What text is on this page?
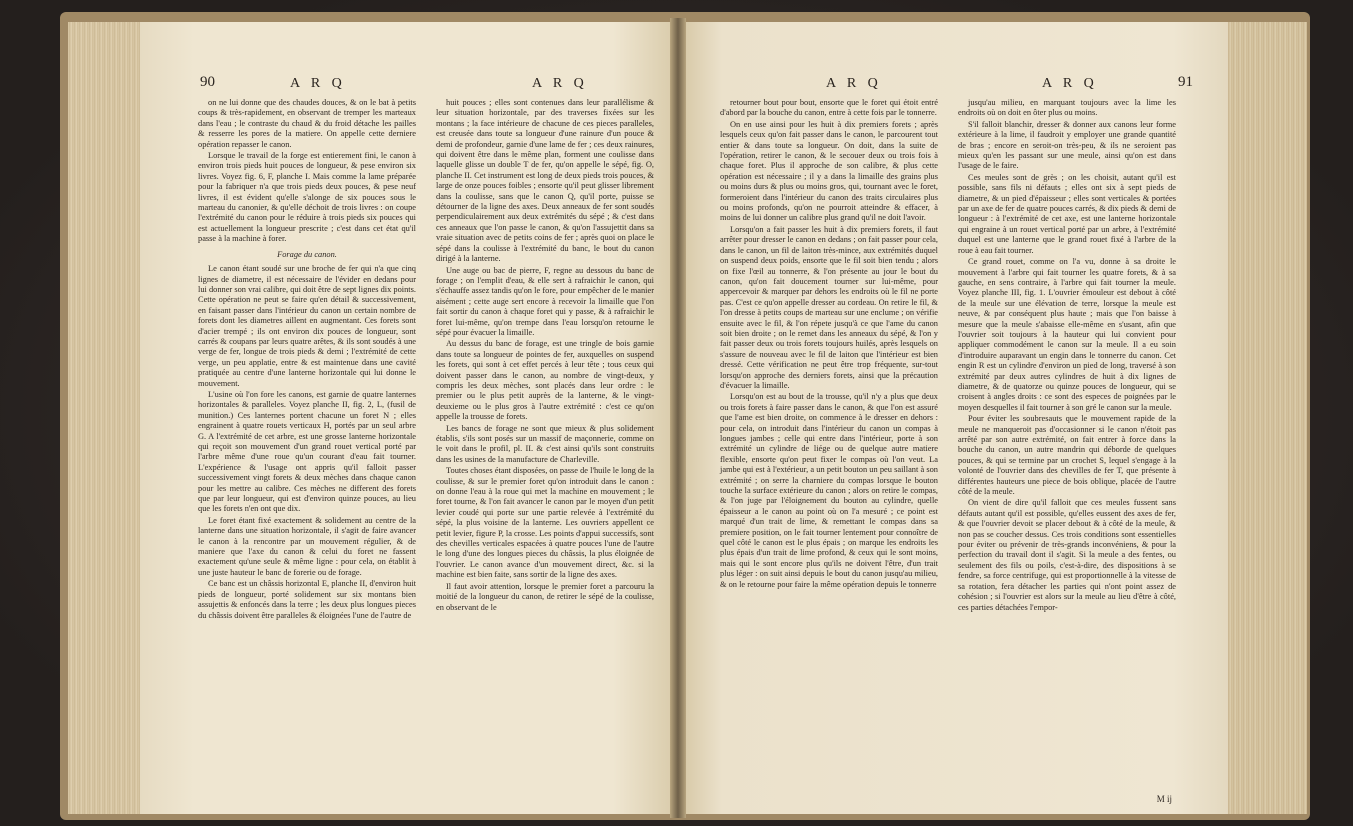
90	A R Q	A R Q

on ne lui donne que des chaudes douces, & on le bat à petits coups & très-rapidement, en observant de tremper les marteaux dans l'eau ; le contraste du chaud & du froid détache les pailles & resserre les pores de la matiere. On appelle cette derniere opération repasser le canon.

Lorsque le travail de la forge est entierement fini, le canon à environ trois pieds huit pouces de longueur, & pese environ six livres. Voyez fig. 6, F, planche I. Mais comme la lame préparée pour la fabriquer n'a que trois pieds deux pouces, & pese neuf livres, il est évident qu'elle s'alonge de six pouces sous le marteau du canonier, & qu'elle déchoit de trois livres : on coupe l'extrémité du canon pour le réduire à trois pieds six pouces qui est actuellement la longueur prescrite ; c'est dans cet état qu'il passe à la machine à forer.

Forage du canon.

Le canon étant soudé sur une broche de fer qui n'a que cinq lignes de diametre, il est nécessaire de l'évider en dedans pour lui donner son vrai calibre, qui doit être de sept lignes dix points. Cette opération ne peut se faire qu'en détail & successivement, en faisant passer dans l'intérieur du canon un certain nombre de forets dont les diametres aillent en augmentant. Ces forets sont d'acier trempé ; ils ont environ dix pouces de longueur, sont carrés & coupans par leurs quatre arêtes, & ils sont soudés à une verge de fer, longue de trois pieds & demi ; l'extrémité de cette verge, un peu applatie, entre & est maintenue dans une cavité pratiquée au centre d'une lanterne horizontale qui lui donne le mouvement.

L'usine où l'on fore les canons, est garnie de quatre lanternes horizontales & paralleles. Voyez planche II, fig. 2, L, (fusil de munition.) Ces lanternes portent chacune un foret N ; elles engrainent à quatre rouets verticaux H, portés par un seul arbre G. A l'extrémité de cet arbre, est une grosse lanterne horizontale qui reçoit son mouvement d'un grand rouet vertical porté par l'arbre même d'une roue qu'un courant d'eau fait tourner. L'expérience & l'usage ont appris qu'il falloit passer successivement vingt forets & deux mèches dans chaque canon pour les mettre au calibre. Ces mèches ne different des forets que par leur longueur, qui est d'environ quinze pouces, au lieu que les forets n'en ont que dix.

Le foret étant fixé exactement & solidement au centre de la lanterne dans une situation horizontale, il s'agit de faire avancer le canon à la rencontre par un mouvement régulier, & de maniere que l'axe du canon & celui du foret ne fassent exactement qu'une seule & même ligne : pour cela, on établit à une juste hauteur le banc de forerie ou de forage.

Ce banc est un châssis horizontal E, planche II, d'environ huit pieds de longueur, porté solidement sur six montans bien assujettis & enfoncés dans la terre ; les deux plus longues pieces du châssis doivent être paralleles & éloignées l'une de l'autre de

huit pouces ; elles sont contenues dans leur parallélisme & leur situation horizontale, par des traverses fixées sur les montans ; la face intérieure de chacune de ces pieces paralleles, est creusée dans toute sa longueur d'une rainure d'un pouce & demi de profondeur, garnie d'une lame de fer ; ces deux rainures, qui doivent être dans le même plan, forment une coulisse dans laquelle glisse un double T de fer, qu'on appelle le sépé, fig. O, planche II. Cet instrument est long de deux pieds trois pouces, & large de onze pouces foibles ; ensorte qu'il peut glisser librement dans la coulisse, sans que le canon Q, qu'il porte, puisse se détourner de la ligne des axes. Deux anneaux de fer sont soudés perpendiculairement aux deux extrémités du sépé ; & c'est dans ces anneaux que l'on passe le canon, & qu'on l'assujettit dans sa vraie situation avec de petits coins de fer ; après quoi on place le sépé dans la coulisse à l'extrémité du banc, le bout du canon dirigé à la lanterne.

Une auge ou bac de pierre, F, regne au dessous du banc de forage ; on l'emplit d'eau, & elle sert à rafraichir le canon, qui s'échauffe assez tandis qu'on le fore, pour empêcher de le manier aisément ; cette auge sert encore à recevoir la limaille que l'on fait sortir du canon à chaque foret qui y passe, & à rafraichir le foret lui-même, qu'on trempe dans l'eau lorsqu'on retourne le sépé pour évacuer la limaille.

Au dessus du banc de forage, est une tringle de bois garnie dans toute sa longueur de pointes de fer, auxquelles on suspend les forets, qui sont à cet effet percés à leur tête ; tous ceux qui doivent passer dans le canon, au nombre de vingt-deux, y compris les deux mèches, sont placés dans leur ordre : le premier ou le plus petit auprès de la lanterne, & le vingt-deuxieme ou le plus gros à l'autre extrémité : c'est ce qu'on appelle la trousse de forets.

Les bancs de forage ne sont que mieux & plus solidement établis, s'ils sont posés sur un massif de maçonnerie, comme on le voit dans le profil, pl. II. & c'est ainsi qu'ils sont construits dans les usines de la manufacture de Charleville.

Toutes choses étant disposées, on passe de l'huile le long de la coulisse, & sur le premier foret qu'on introduit dans le canon : on donne l'eau à la roue qui met la machine en mouvement ; le foret tourne, & l'on fait avancer le canon par le moyen d'un petit levier coudé qui porte sur une partie relevée à l'extrémité du sépé, la plus voisine de la lanterne. Les ouvriers appellent ce petit levier, figure P, la crosse. Les points d'appui successifs, sont des chevilles verticales espacées à quatre pouces l'une de l'autre le long d'une des longues pieces du châssis, la plus éloignée de l'ouvrier. Le canon avance d'un mouvement direct, &c. si la machine est bien faite, sans sortir de la ligne des axes.

Il faut avoir attention, lorsque le premier foret a parcouru la moitié de la longueur du canon, de retirer le sépé de la coulisse, en observant de le

A R Q	A R Q	91

retourner bout pour bout, ensorte que le foret qui étoit entré d'abord par la bouche du canon, entre à cette fois par le tonnerre.

On en use ainsi pour les huit à dix premiers forets ; après lesquels ceux qu'on fait passer dans le canon, le parcourent tout entier & dans toute sa longueur. On doit, dans la suite de l'opération, retirer le canon, & le secouer deux ou trois fois à chaque foret. Plus il approche de son calibre, & plus cette opération est nécessaire ; il y a dans la limaille des grains plus ou moins durs & plus ou moins gros, qui, tournant avec le foret, formeroient dans l'intérieur du canon des traits circulaires plus ou moins profonds, qu'on ne pourroit atteindre & effacer, à moins de lui donner un calibre plus grand qu'il ne doit l'avoir.

Lorsqu'on a fait passer les huit à dix premiers forets, il faut arrêter pour dresser le canon en dedans ; on fait passer pour cela, dans le canon, un fil de laiton très-mince, aux extrémités duquel on suspend deux poids, ensorte que le fil soit bien tendu ; alors on fixe l'œil au tonnerre, & l'on présente au jour le bout du canon, qu'on fait doucement tourner sur lui-même, pour appercevoir & marquer par dehors les endroits où le fil ne porte pas. C'est ce qu'on appelle dresser au cordeau. On retire le fil, & l'on dresse à petits coups de marteau sur une enclume ; on vérifie ensuite avec le fil, & l'on répete jusqu'à ce que l'ame du canon soit bien droite ; on le remet dans les anneaux du sépé, & l'on y fait passer deux ou trois forets toujours huilés, après lesquels on s'assure de nouveau avec le fil de laiton que l'intérieur est bien dressé. Cette vérification ne peut être trop fréquente, sur-tout lorsqu'on approche des derniers forets, ainsi que la précaution d'évacuer la limaille.

Lorsqu'on est au bout de la trousse, qu'il n'y a plus que deux ou trois forets à faire passer dans le canon, & que l'on est assuré que l'ame est bien droite, on commence à le dresser en dehors : pour cela, on introduit dans l'intérieur du canon un compas à longues jambes ; celle qui entre dans l'intérieur, porte à son extrémité un cylindre de liége ou de quelque autre matiere flexible, ensorte qu'on peut fixer le compas où l'on veut. La jambe qui est à l'extérieur, a un petit bouton un peu saillant à son extrémité ; on serre la charniere du compas lorsque le bouton touche la surface extérieure du canon ; alors on retire le compas, & l'on juge par l'éloignement du bouton au cylindre, quelle épaisseur a le canon au point où on l'a mesuré ; ce point est marqué d'un trait de lime, & remettant le compas dans sa premiere position, on le fait tourner lentement pour connoître de quel côté le canon est le plus épais ; on marque les endroits les plus épais d'un trait de lime profond, & ceux qui le sont moins, mais qui le sont encore plus qu'ils ne doivent l'être, d'un trait plus léger : on suit ainsi depuis le bout du canon jusqu'au milieu, & on le retourne pour faire la même opération depuis le tonnerre

jusqu'au milieu, en marquant toujours avec la lime les endroits où on doit en ôter plus ou moins.

S'il falloit blanchir, dresser & donner aux canons leur forme extérieure à la lime, il faudroit y employer une grande quantité de bras ; encore en seroit-on très-peu, & ils ne seroient pas mieux qu'en les passant sur une meule, ainsi qu'on est dans l'usage de le faire.

Ces meules sont de grès ; on les choisit, autant qu'il est possible, sans fils ni défauts ; elles ont six à sept pieds de diametre, & un pied d'épaisseur ; elles sont verticales & portées par un axe de fer de quatre pouces carrés, & dix pieds & demi de longueur : à l'extrémité de cet axe, est une lanterne horizontale qui engraine à un rouet vertical porté par un arbre, à l'extrémité duquel est une lanterne que le grand rouet fixé à l'arbre de la roue à eau fait tourner.

Ce grand rouet, comme on l'a vu, donne à sa droite le mouvement à l'arbre qui fait tourner les quatre forets, & à sa gauche, en sens contraire, à l'arbre qui fait tourner la meule. Voyez planche III, fig. 1. L'ouvrier émouleur est debout à côté de la meule sur une élévation de terre, lorsque la meule est neuve, & par conséquent plus haute ; mais que l'on baisse à mesure que la meule s'abaisse elle-même en s'usant, afin que l'ouvrier soit toujours à la hauteur qui lui convient pour appliquer commodément le canon sur la meule. Il a eu soin d'introduire auparavant un engin dans le tonnerre du canon. Cet engin R est un cylindre d'environ un pied de long, traversé à son extrémité par deux autres cylindres de huit à dix lignes de diametre, & de quatorze ou quinze pouces de longueur, qui se croisent à angles droits : ce sont des especes de poignées par le moyen desquelles il fait tourner à son gré le canon sur la meule.

Pour éviter les soubresauts que le mouvement rapide de la meule ne manqueroit pas d'occasionner si le canon n'étoit pas arrêté par son autre extrémité, on fait entrer à force dans la bouche du canon, un autre mandrin qui déborde de quelques pouces, & qui se termine par un crochet S, lequel s'engage à la volonté de l'ouvrier dans des chevilles de fer T, que présente à différentes hauteurs une piece de bois oblique, placée de l'autre côté de la meule.

On vient de dire qu'il falloit que ces meules fussent sans défauts autant qu'il est possible, qu'elles eussent des axes de fer, & que l'ouvrier devoit se placer debout & à côté de la meule, & non pas se coucher dessus. Ces trois conditions sont essentielles pour éviter ou prévenir de très-grands inconvéniens, & pour la perfection du travail dont il s'agit. Si la meule a des fentes, ou seulement des fils ou poils, c'est-à-dire, des dispositions à se fendre, sa force centrifuge, qui est proportionnelle à la vitesse de sa rotation, fera détacher les parties qui n'ont point assez de cohésion ; si l'ouvrier est alors sur la meule au lieu d'être à côté, ces parties détachées l'empor-

M ij
